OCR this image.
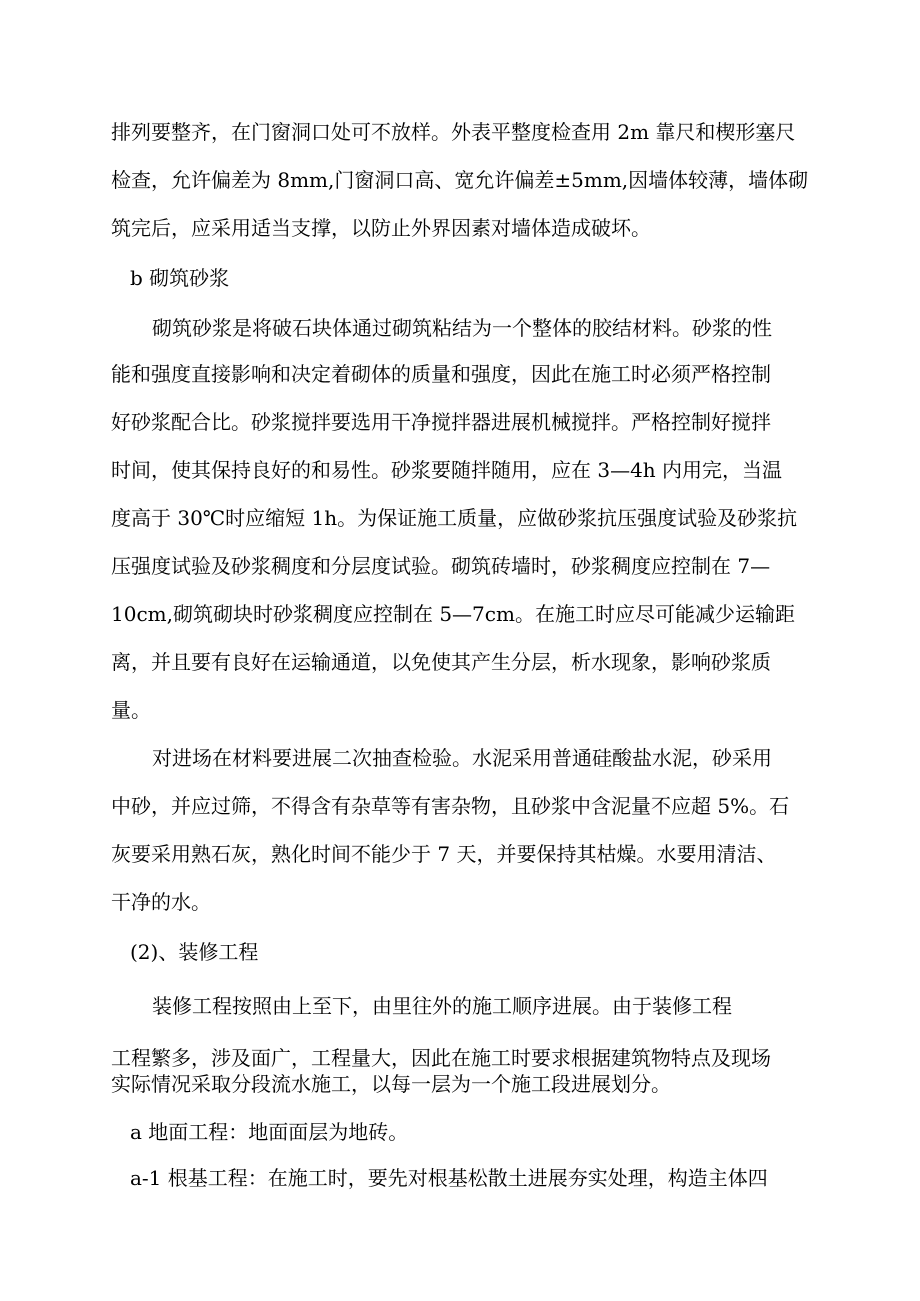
排列要整齐，在门窗洞口处可不放样。外表平整度检查用 2m 靠尺和楔形塞尺
检查，允许偏差为 8mm,门窗洞口高、宽允许偏差±5mm,因墙体较薄，墙体砌
筑完后，应采用适当支撑，以防止外界因素对墙体造成破坏。
b 砌筑砂浆
砌筑砂浆是将破石块体通过砌筑粘结为一个整体的胶结材料。砂浆的性
能和强度直接影响和决定着砌体的质量和强度，因此在施工时必须严格控制
好砂浆配合比。砂浆搅拌要选用干净搅拌器进展机械搅拌。严格控制好搅拌
时间，使其保持良好的和易性。砂浆要随拌随用，应在 3—4h 内用完，当温
度高于 30℃时应缩短 1h。为保证施工质量，应做砂浆抗压强度试验及砂浆抗
压强度试验及砂浆稠度和分层度试验。砌筑砖墙时，砂浆稠度应控制在 7—
10cm,砌筑砌块时砂浆稠度应控制在 5—7cm。在施工时应尽可能减少运输距
离，并且要有良好在运输通道，以免使其产生分层，析水现象，影响砂浆质
量。
对进场在材料要进展二次抽查检验。水泥采用普通硅酸盐水泥，砂采用
中砂，并应过筛，不得含有杂草等有害杂物，且砂浆中含泥量不应超 5%。石
灰要采用熟石灰，熟化时间不能少于 7 天，并要保持其枯燥。水要用清洁、
干净的水。
(2)、装修工程
装修工程按照由上至下，由里往外的施工顺序进展。由于装修工程
工程繁多，涉及面广，工程量大，因此在施工时要求根据建筑物特点及现场
实际情况采取分段流水施工，以每一层为一个施工段进展划分。
a 地面工程：地面面层为地砖。
a-1 根基工程：在施工时，要先对根基松散土进展夯实处理，构造主体四
